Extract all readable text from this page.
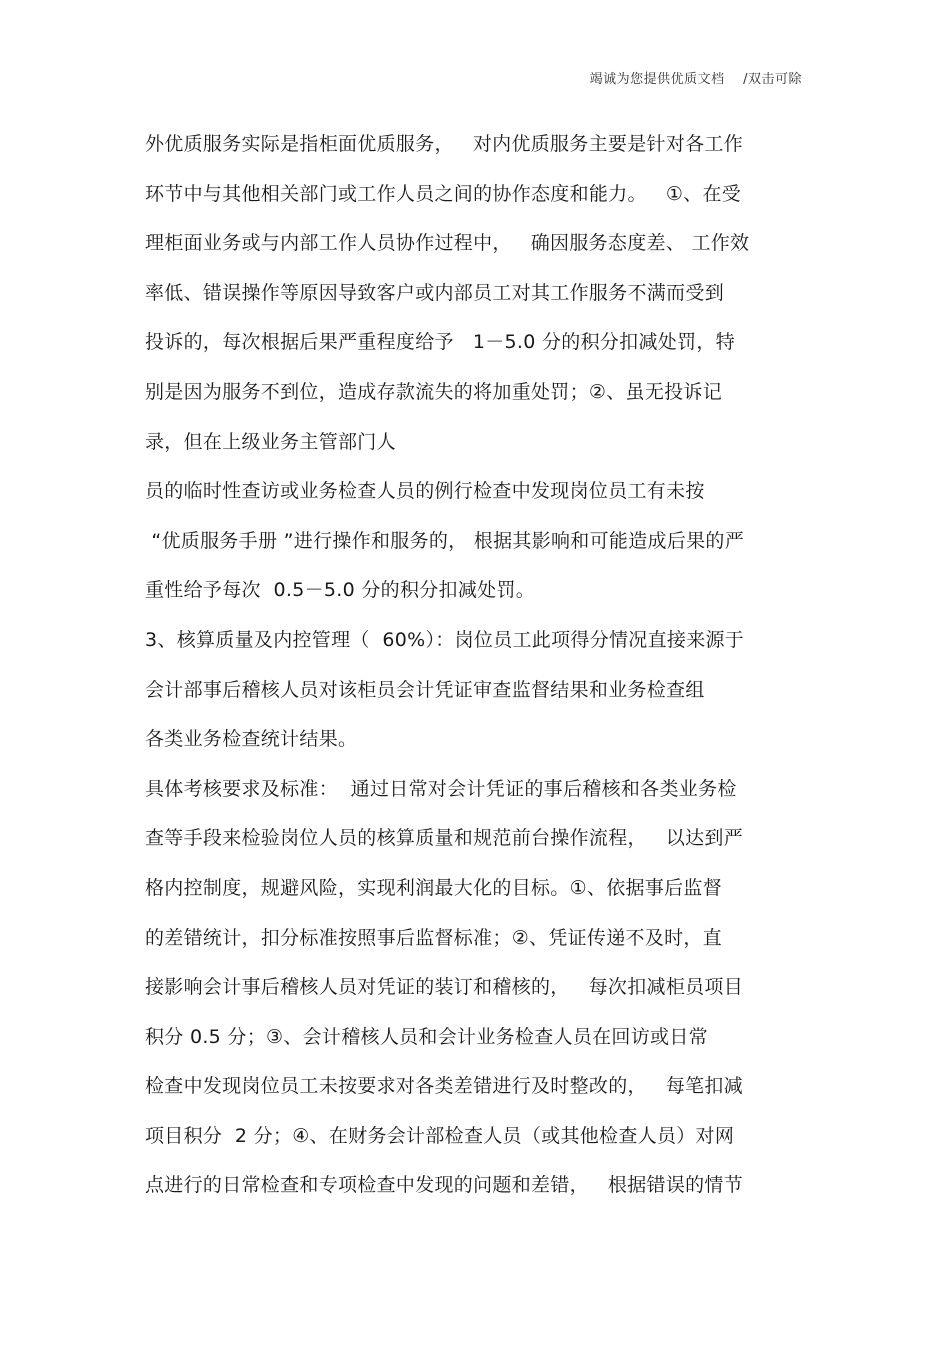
竭诚为您提供优质文档    /双击可除
外优质服务实际是指柜面优质服务，   对内优质服务主要是针对各工作
环节中与其他相关部门或工作人员之间的协作态度和能力。   ①、在受
理柜面业务或与内部工作人员协作过程中，   确因服务态度差、 工作效
率低、错误操作等原因导致客户或内部员工对其工作服务不满而受到
投诉的，每次根据后果严重程度给予   1－5.0 分的积分扣减处罚，特
别是因为服务不到位，造成存款流失的将加重处罚；②、虽无投诉记
录，但在上级业务主管部门人
员的临时性查访或业务检查人员的例行检查中发现岗位员工有未按
“优质服务手册 ”进行操作和服务的， 根据其影响和可能造成后果的严
重性给予每次  0.5－5.0 分的积分扣减处罚。
3、核算质量及内控管理（  60%）：岗位员工此项得分情况直接来源于
会计部事后稽核人员对该柜员会计凭证审查监督结果和业务检查组
各类业务检查统计结果。
具体考核要求及标准：  通过日常对会计凭证的事后稽核和各类业务检
查等手段来检验岗位人员的核算质量和规范前台操作流程，   以达到严
格内控制度，规避风险，实现利润最大化的目标。①、依据事后监督
的差错统计，扣分标准按照事后监督标准；②、凭证传递不及时，直
接影响会计事后稽核人员对凭证的装订和稽核的，   每次扣减柜员项目
积分 0.5 分；③、会计稽核人员和会计业务检查人员在回访或日常
检查中发现岗位员工未按要求对各类差错进行及时整改的，   每笔扣减
项目积分  2 分；④、在财务会计部检查人员（或其他检查人员）对网
点进行的日常检查和专项检查中发现的问题和差错，   根据错误的情节
